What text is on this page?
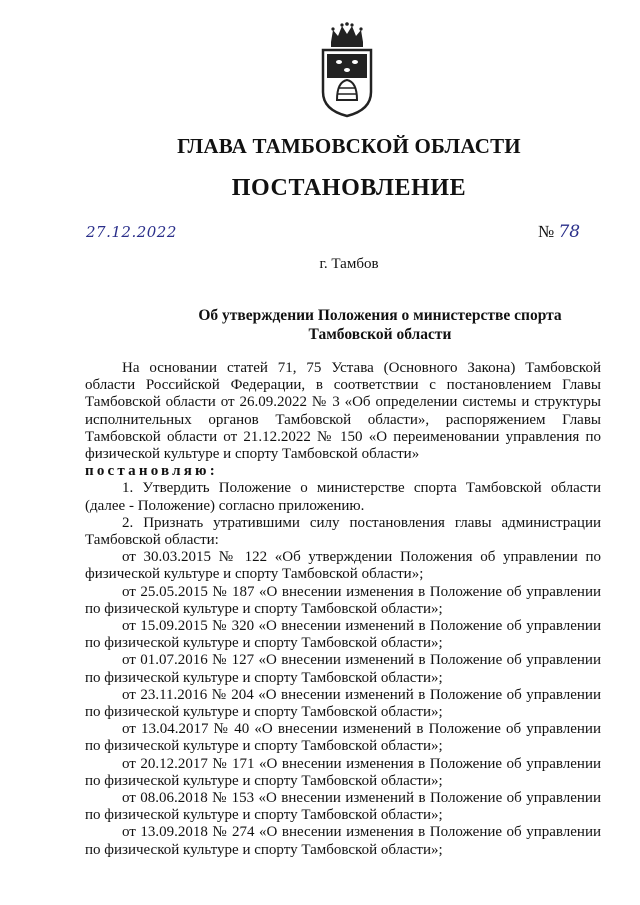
ГЛАВА ТАМБОВСКОЙ ОБЛАСТИ
ПОСТАНОВЛЕНИЕ
27.12.2022	№ 78
г. Тамбов
Об утверждении Положения о министерстве спорта
Тамбовской области

На основании статей 71, 75 Устава (Основного Закона) Тамбовской области Российской Федерации, в соответствии с постановлением Главы Тамбовской области от 26.09.2022 № 3 «Об определении системы и структуры исполнительных органов Тамбовской области», распоряжением Главы Тамбовской области от 21.12.2022 № 150 «О переименовании управления по физической культуре и спорту Тамбовской области»

постановляю:

1. Утвердить Положение о министерстве спорта Тамбовской области (далее - Положение) согласно приложению.

2. Признать утратившими силу постановления главы администрации Тамбовской области:

от 30.03.2015 № 122 «Об утверждении Положения об управлении по физической культуре и спорту Тамбовской области»;

от 25.05.2015 № 187 «О внесении изменения в Положение об управлении по физической культуре и спорту Тамбовской области»;

от 15.09.2015 № 320 «О внесении изменений в Положение об управлении по физической культуре и спорту Тамбовской области»;

от 01.07.2016 № 127 «О внесении изменений в Положение об управлении по физической культуре и спорту Тамбовской области»;

от 23.11.2016 № 204 «О внесении изменений в Положение об управлении по физической культуре и спорту Тамбовской области»;

от 13.04.2017 № 40 «О внесении изменений в Положение об управлении по физической культуре и спорту Тамбовской области»;

от 20.12.2017 № 171 «О внесении изменения в Положение об управлении по физической культуре и спорту Тамбовской области»;

от 08.06.2018 № 153 «О внесении изменений в Положение об управлении по физической культуре и спорту Тамбовской области»;

от 13.09.2018 № 274 «О внесении изменения в Положение об управлении по физической культуре и спорту Тамбовской области»;
